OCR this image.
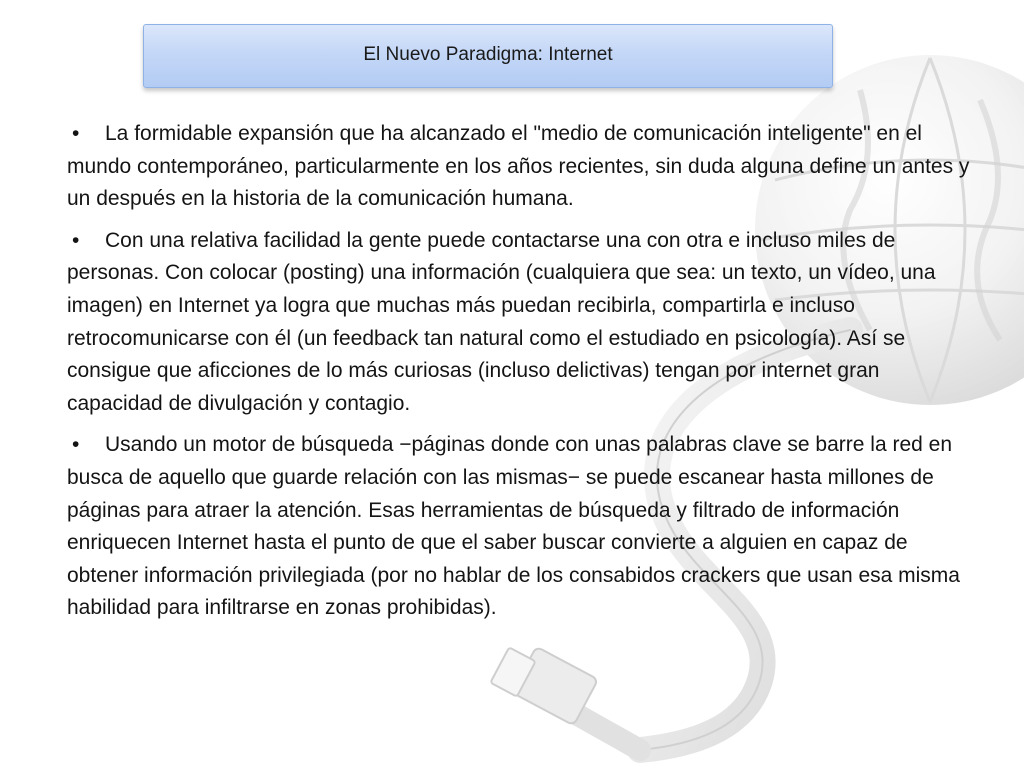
El Nuevo Paradigma: Internet

• La formidable expansión que ha alcanzado el "medio de comunicación inteligente" en el mundo contemporáneo, particularmente en los años recientes, sin duda alguna define un antes y un después en la historia de la comunicación humana.

• Con una relativa facilidad la gente puede contactarse una con otra e incluso miles de personas. Con colocar (posting) una información (cualquiera que sea: un texto, un vídeo, una imagen) en Internet ya logra que muchas más puedan recibirla, compartirla e incluso retrocomunicarse con él (un feedback tan natural como el estudiado en psicología). Así se consigue que aficciones de lo más curiosas (incluso delictivas) tengan por internet gran capacidad de divulgación y contagio.

• Usando un motor de búsqueda −páginas donde con unas palabras clave se barre la red en busca de aquello que guarde relación con las mismas− se puede escanear hasta millones de páginas para atraer la atención. Esas herramientas de búsqueda y filtrado de información enriquecen Internet hasta el punto de que el saber buscar convierte a alguien en capaz de obtener información privilegiada (por no hablar de los consabidos crackers que usan esa misma habilidad para infiltrarse en zonas prohibidas).
